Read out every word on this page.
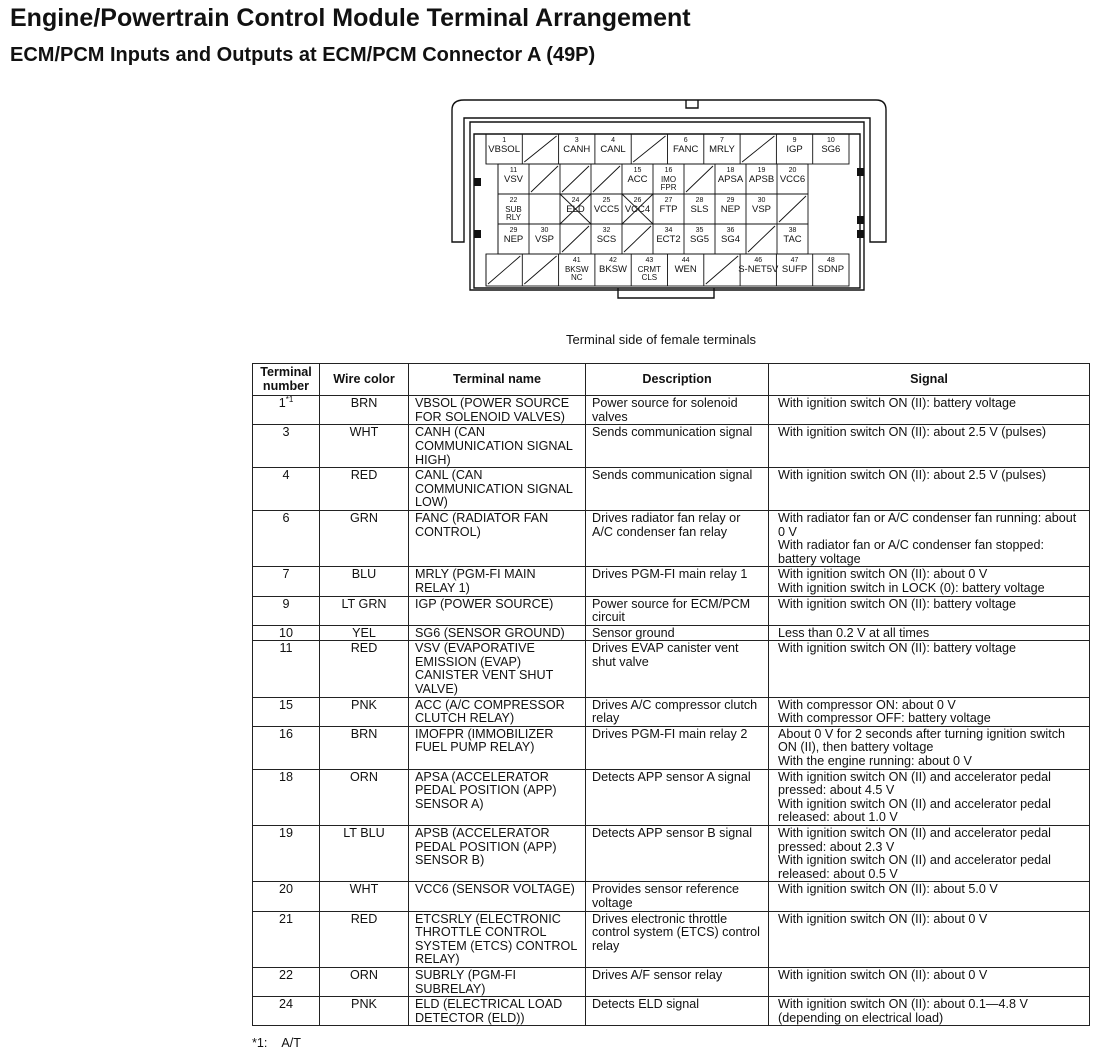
Engine/Powertrain Control Module Terminal Arrangement
ECM/PCM Inputs and Outputs at ECM/PCM Connector A (49P)
1
VBSOL
3
CANH
4
CANL
6
FANC
7
MRLY
9
IGP
10
SG6
11
VSV
15
ACC
16
IMO
FPR
18
APSA
19
APSB
20
VCC6
22
SUB
RLY
24
ELD
25
VCC5
26
VCC4
27
FTP
28
SLS
29
NEP
30
VSP
29
NEP
30
VSP
32
SCS
34
ECT2
35
SG5
36
SG4
38
TAC
41
BKSW
NC
42
BKSW
43
CRMT
CLS
44
WEN
46
S-NET5V
47
SUFP
48
SDNP
Terminal side of female terminals
Terminal number	Wire color	Terminal name	Description	Signal
1$^{*1}$	BRN	VBSOL (POWER SOURCE FOR SOLENOID VALVES)	Power source for solenoid valves	With ignition switch ON (II): battery voltage
3	WHT	CANH (CAN COMMUNICATION SIGNAL HIGH)	Sends communication signal	With ignition switch ON (II): about 2.5 V (pulses)
4	RED	CANL (CAN COMMUNICATION SIGNAL LOW)	Sends communication signal	With ignition switch ON (II): about 2.5 V (pulses)
6	GRN	FANC (RADIATOR FAN CONTROL)	Drives radiator fan relay or A/C condenser fan relay	With radiator fan or A/C condenser fan running: about 0 V
With radiator fan or A/C condenser fan stopped: battery voltage
7	BLU	MRLY (PGM-FI MAIN RELAY 1)	Drives PGM-FI main relay 1	With ignition switch ON (II): about 0 V
With ignition switch in LOCK (0): battery voltage
9	LT GRN	IGP (POWER SOURCE)	Power source for ECM/PCM circuit	With ignition switch ON (II): battery voltage
10	YEL	SG6 (SENSOR GROUND)	Sensor ground	Less than 0.2 V at all times
11	RED	VSV (EVAPORATIVE EMISSION (EVAP) CANISTER VENT SHUT VALVE)	Drives EVAP canister vent shut valve	With ignition switch ON (II): battery voltage
15	PNK	ACC (A/C COMPRESSOR CLUTCH RELAY)	Drives A/C compressor clutch relay	With compressor ON: about 0 V
With compressor OFF: battery voltage
16	BRN	IMOFPR (IMMOBILIZER FUEL PUMP RELAY)	Drives PGM-FI main relay 2	About 0 V for 2 seconds after turning ignition switch ON (II), then battery voltage
With the engine running: about 0 V
18	ORN	APSA (ACCELERATOR PEDAL POSITION (APP) SENSOR A)	Detects APP sensor A signal	With ignition switch ON (II) and accelerator pedal pressed: about 4.5 V
With ignition switch ON (II) and accelerator pedal released: about 1.0 V
19	LT BLU	APSB (ACCELERATOR PEDAL POSITION (APP) SENSOR B)	Detects APP sensor B signal	With ignition switch ON (II) and accelerator pedal pressed: about 2.3 V
With ignition switch ON (II) and accelerator pedal released: about 0.5 V
20	WHT	VCC6 (SENSOR VOLTAGE)	Provides sensor reference voltage	With ignition switch ON (II): about 5.0 V
21	RED	ETCSRLY (ELECTRONIC THROTTLE CONTROL SYSTEM (ETCS) CONTROL RELAY)	Drives electronic throttle control system (ETCS) control relay	With ignition switch ON (II): about 0 V
22	ORN	SUBRLY (PGM-FI SUBRELAY)	Drives A/F sensor relay	With ignition switch ON (II): about 0 V
24	PNK	ELD (ELECTRICAL LOAD DETECTOR (ELD))	Detects ELD signal	With ignition switch ON (II): about 0.1—4.8 V (depending on electrical load)
*1: A/T
